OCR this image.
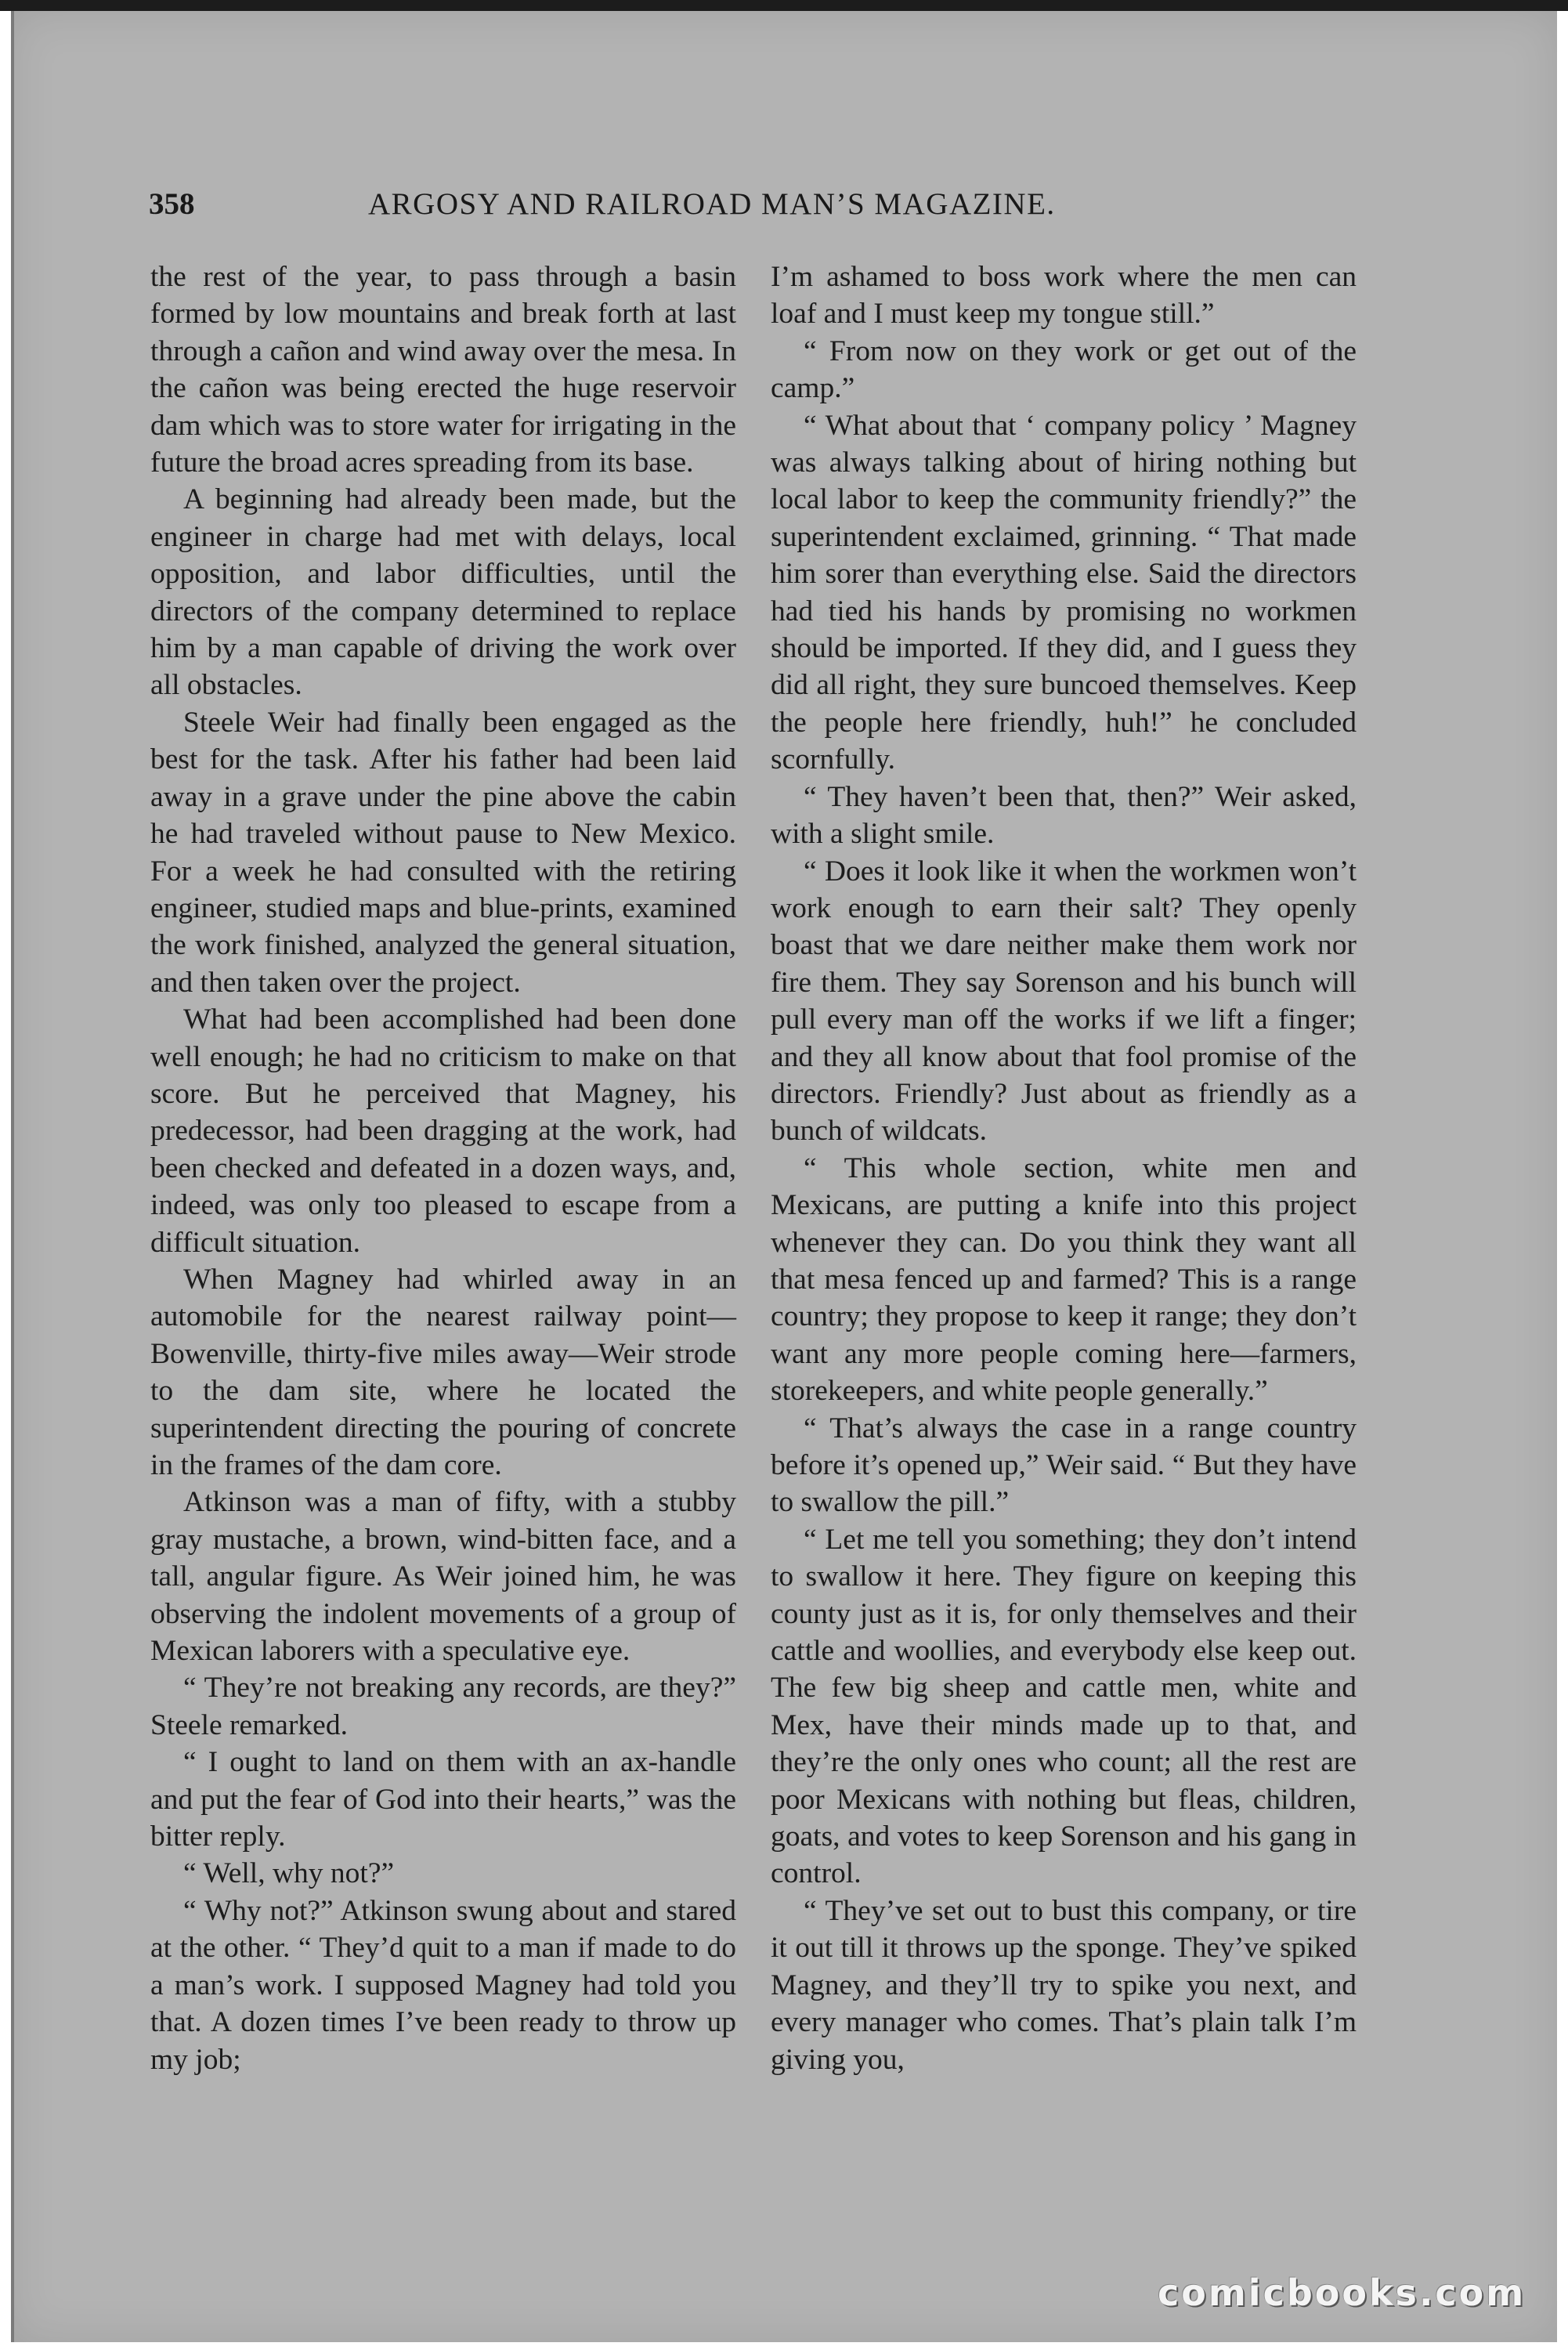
358	ARGOSY AND RAILROAD MAN’S MAGAZINE.

the rest of the year, to pass through a basin formed by low mountains and break forth at last through a cañon and wind away over the mesa. In the cañon was being erected the huge reservoir dam which was to store water for irrigating in the future the broad acres spreading from its base.

A beginning had already been made, but the engineer in charge had met with delays, local opposition, and labor difficulties, until the directors of the company determined to replace him by a man capable of driving the work over all obstacles.

Steele Weir had finally been engaged as the best for the task. After his father had been laid away in a grave under the pine above the cabin he had traveled without pause to New Mexico. For a week he had consulted with the retiring engineer, studied maps and blue-prints, examined the work finished, analyzed the general situation, and then taken over the project.

What had been accomplished had been done well enough; he had no criticism to make on that score. But he perceived that Magney, his predecessor, had been dragging at the work, had been checked and defeated in a dozen ways, and, indeed, was only too pleased to escape from a difficult situation.

When Magney had whirled away in an automobile for the nearest railway point—Bowenville, thirty-five miles away—Weir strode to the dam site, where he located the superintendent directing the pouring of concrete in the frames of the dam core.

Atkinson was a man of fifty, with a stubby gray mustache, a brown, wind-bitten face, and a tall, angular figure. As Weir joined him, he was observing the indolent movements of a group of Mexican laborers with a speculative eye.

“ They’re not breaking any records, are they?” Steele remarked.

“ I ought to land on them with an ax-handle and put the fear of God into their hearts,” was the bitter reply.

“ Well, why not?”

“ Why not?” Atkinson swung about and stared at the other. “ They’d quit to a man if made to do a man’s work. I supposed Magney had told you that. A dozen times I’ve been ready to throw up my job;

I’m ashamed to boss work where the men can loaf and I must keep my tongue still.”

“ From now on they work or get out of the camp.”

“ What about that ‘ company policy ’ Magney was always talking about of hiring nothing but local labor to keep the community friendly?” the superintendent exclaimed, grinning. “ That made him sorer than everything else. Said the directors had tied his hands by promising no workmen should be imported. If they did, and I guess they did all right, they sure buncoed themselves. Keep the people here friendly, huh!” he concluded scornfully.

“ They haven’t been that, then?” Weir asked, with a slight smile.

“ Does it look like it when the workmen won’t work enough to earn their salt? They openly boast that we dare neither make them work nor fire them. They say Sorenson and his bunch will pull every man off the works if we lift a finger; and they all know about that fool promise of the directors. Friendly? Just about as friendly as a bunch of wildcats.

“ This whole section, white men and Mexicans, are putting a knife into this project whenever they can. Do you think they want all that mesa fenced up and farmed? This is a range country; they propose to keep it range; they don’t want any more people coming here—farmers, storekeepers, and white people generally.”

“ That’s always the case in a range country before it’s opened up,” Weir said. “ But they have to swallow the pill.”

“ Let me tell you something; they don’t intend to swallow it here. They figure on keeping this county just as it is, for only themselves and their cattle and woollies, and everybody else keep out. The few big sheep and cattle men, white and Mex, have their minds made up to that, and they’re the only ones who count; all the rest are poor Mexicans with nothing but fleas, children, goats, and votes to keep Sorenson and his gang in control.

“ They’ve set out to bust this company, or tire it out till it throws up the sponge. They’ve spiked Magney, and they’ll try to spike you next, and every manager who comes. That’s plain talk I’m giving you,

comicbooks.com
